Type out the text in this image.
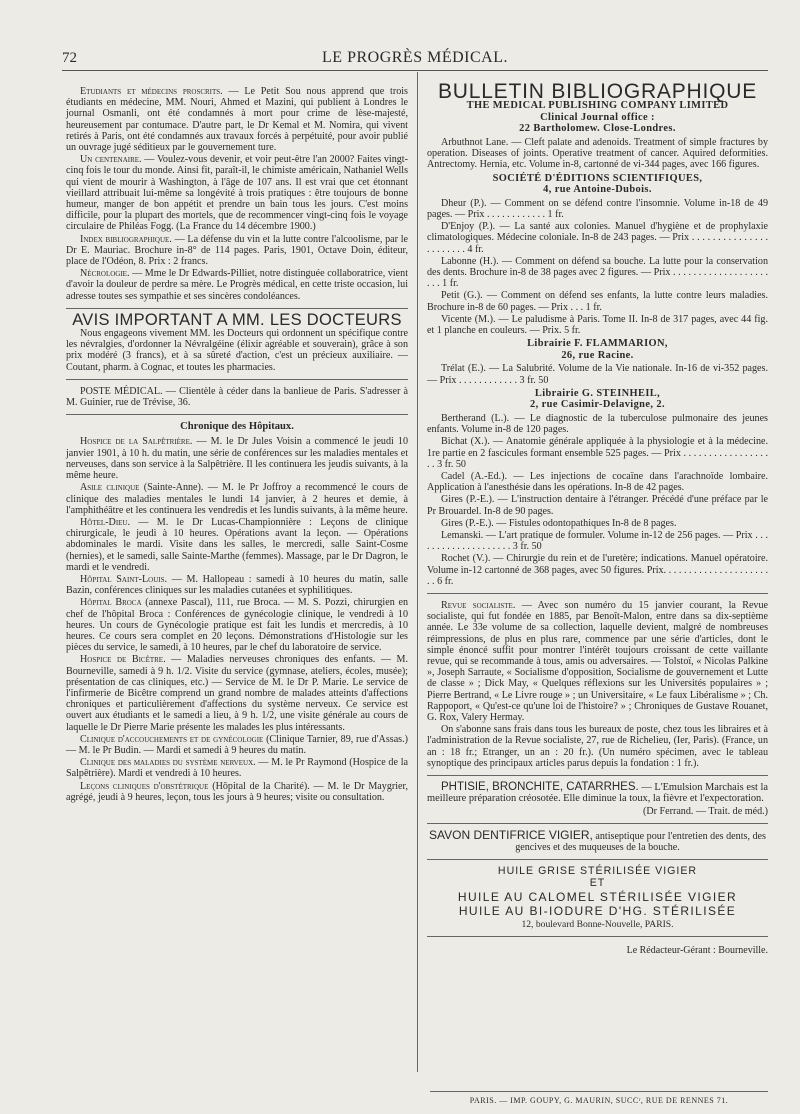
72	LE PROGRÈS MÉDICAL.

Etudiants et médecins proscrits. — Le Petit Sou nous apprend que trois étudiants en médecine, MM. Nouri, Ahmed et Mazini, qui publient à Londres le journal Osmanli, ont été condamnés à mort pour crime de lèse-majesté, heureusement par contumace. D'autre part, le Dr Kemal et M. Nomira, qui vivent retirés à Paris, ont été condamnés aux travaux forcés à perpétuité, pour avoir publié un ouvrage jugé séditieux par le gouvernement ture.

Un centenaire. — Voulez-vous devenir, et voir peut-être l'an 2000? Faites vingt-cinq fois le tour du monde. Ainsi fit, paraît-il, le chimiste américain, Nathaniel Wells qui vient de mourir à Washington, à l'âge de 107 ans. Il est vrai que cet étonnant vieillard attribuait lui-même sa longévité à trois pratiques : être toujours de bonne humeur, manger de bon appétit et prendre un bain tous les jours. C'est moins difficile, pour la plupart des mortels, que de recommencer vingt-cinq fois le voyage circulaire de Philéas Fogg. (La France du 14 décembre 1900.)

Index bibliographique. — La défense du vin et la lutte contre l'alcoolisme, par le Dr E. Mauriac. Brochure in-8° de 114 pages. Paris, 1901, Octave Doin, éditeur, place de l'Odéon, 8. Prix : 2 francs.

Nécrologie. — Mme le Dr Edwards-Pilliet, notre distinguée collaboratrice, vient d'avoir la douleur de perdre sa mère. Le Progrès médical, en cette triste occasion, lui adresse toutes ses sympathie et ses sincères condoléances.

AVIS IMPORTANT A MM. LES DOCTEURS

Nous engageons vivement MM. les Docteurs qui ordonnent un spécifique contre les névralgies, d'ordonner la Névralgéine (élixir agréable et souverain), grâce à son prix modéré (3 francs), et à sa sûreté d'action, c'est un précieux auxiliaire. — Coutant, pharm. à Cognac, et toutes les pharmacies.

POSTE MÉDICAL. — Clientèle à céder dans la banlieue de Paris. S'adresser à M. Guinier, rue de Trévise, 36.

Chronique des Hôpitaux.

Hospice de la Salpêtrière. — M. le Dr Jules Voisin a commencé le jeudi 10 janvier 1901, à 10 h. du matin, une série de conférences sur les maladies mentales et nerveuses, dans son service à la Salpêtrière. Il les continuera les jeudis suivants, à la même heure.

Asile clinique (Sainte-Anne). — M. le Pr Joffroy a recommencé le cours de clinique des maladies mentales le lundi 14 janvier, à 2 heures et demie, à l'amphithéâtre et les continuera les vendredis et les lundis suivants, à la même heure.

Hôtel-Dieu. — M. le Dr Lucas-Championnière : Leçons de clinique chirurgicale, le jeudi à 10 heures. Opérations avant la leçon. — Opérations abdominales le mardi. Visite dans les salles, le mercredi, salle Saint-Cosme (hernies), et le samedi, salle Sainte-Marthe (femmes). Massage, par le Dr Dagron, le mardi et le vendredi.

Hôpital Saint-Louis. — M. Hallopeau : samedi à 10 heures du matin, salle Bazin, conférences cliniques sur les maladies cutanées et syphilitiques.

Hôpital Broca (annexe Pascal), 111, rue Broca. — M. S. Pozzi, chirurgien en chef de l'hôpital Broca : Conférences de gynécologie clinique, le vendredi à 10 heures. Un cours de Gynécologie pratique est fait les lundis et mercredis, à 10 heures. Ce cours sera complet en 20 leçons. Démonstrations d'Histologie sur les pièces du service, le samedi, à 10 heures, par le chef du laboratoire de service.

Hospice de Bicêtre. — Maladies nerveuses chroniques des enfants. — M. Bourneville, samedi à 9 h. 1/2. Visite du service (gymnase, ateliers, écoles, musée); présentation de cas cliniques, etc.) — Service de M. le Dr P. Marie. Le service de l'infirmerie de Bicêtre comprend un grand nombre de malades atteints d'affections chroniques et particulièrement d'affections du système nerveux. Ce service est ouvert aux étudiants et le samedi a lieu, à 9 h. 1/2, une visite générale au cours de laquelle le Dr Pierre Marie présente les malades les plus intéressants.

Clinique d'accouchements et de gynécologie (Clinique Tarnier, 89, rue d'Assas.) — M. le Pr Budin. — Mardi et samedi à 9 heures du matin.

Clinique des maladies du système nerveux. — M. le Pr Raymond (Hospice de la Salpêtrière). Mardi et vendredi à 10 heures.

Leçons cliniques d'obstétrique (Hôpital de la Charité). — M. le Dr Maygrier, agrégé, jeudi à 9 heures, leçon, tous les jours à 9 heures; visite ou consultation.

BULLETIN BIBLIOGRAPHIQUE

THE MEDICAL PUBLISHING COMPANY LIMITED
Clinical Journal office :
22 Bartholomew. Close-Londres.

Arbuthnot Lane. — Cleft palate and adenoids. Treatment of simple fractures by operation. Diseases of joints. Operative treatment of cancer. Aquired deformities. Antrectomy. Hernia, etc. Volume in-8, cartonné de vi-344 pages, avec 166 figures.

SOCIÉTÉ D'ÉDITIONS SCIENTIFIQUES,
4, rue Antoine-Dubois.

Dheur (P.). — Comment on se défend contre l'insomnie. Volume in-18 de 49 pages. — Prix . . . . . . . . . . . . 1 fr.

D'Enjoy (P.). — La santé aux colonies. Manuel d'hygiène et de prophylaxie climatologiques. Médecine coloniale. In-8 de 243 pages. — Prix . . . . . . . . . . . . . . . . . . . . . . . 4 fr.

Labonne (H.). — Comment on défend sa bouche. La lutte pour la conservation des dents. Brochure in-8 de 38 pages avec 2 figures. — Prix . . . . . . . . . . . . . . . . . . . . . . 1 fr.

Petit (G.). — Comment on défend ses enfants, la lutte contre leurs maladies. Brochure in-8 de 60 pages. — Prix . . . 1 fr.

Vicente (M.). — Le paludisme à Paris. Tome II. In-8 de 317 pages, avec 44 fig. et 1 planche en couleurs. — Prix. 5 fr.

Librairie F. FLAMMARION,
26, rue Racine.

Trélat (E.). — La Salubrité. Volume de la Vie nationale. In-16 de vi-352 pages. — Prix . . . . . . . . . . . . 3 fr. 50

Librairie G. STEINHEIL,
2, rue Casimir-Delavigne, 2.

Bertherand (L.). — Le diagnostic de la tuberculose pulmonaire des jeunes enfants. Volume in-8 de 120 pages.

Bichat (X.). — Anatomie générale appliquée à la physiologie et à la médecine. 1re partie en 2 fascicules formant ensemble 525 pages. — Prix . . . . . . . . . . . . . . . . . . . 3 fr. 50

Cadel (A.-Ed.). — Les injections de cocaïne dans l'arachnoïde lombaire. Application à l'anesthésie dans les opérations. In-8 de 42 pages.

Gires (P.-E.). — L'instruction dentaire à l'étranger. Précédé d'une préface par le Pr Brouardel. In-8 de 90 pages.

Gires (P.-E.). — Fistules odontopathiques In-8 de 8 pages.

Lemanski. — L'art pratique de formuler. Volume in-12 de 256 pages. — Prix . . . . . . . . . . . . . . . . . . . . 3 fr. 50

Rochet (V.). — Chirurgie du rein et de l'uretère; indications. Manuel opératoire. Volume in-12 cartonné de 368 pages, avec 50 figures. Prix. . . . . . . . . . . . . . . . . . . . . . . 6 fr.

Revue socialiste. — Avec son numéro du 15 janvier courant, la Revue socialiste, qui fut fondée en 1885, par Benoît-Malon, entre dans sa dix-septième année. Le 33e volume de sa collection, laquelle devient, malgré de nombreuses réimpressions, de plus en plus rare, commence par une série d'articles, dont le simple énoncé suffit pour montrer l'intérêt toujours croissant de cette vaillante revue, qui se recommande à tous, amis ou adversaires. — Tolstoï, « Nicolas Palkine », Joseph Sarraute, « Socialisme d'opposition, Socialisme de gouvernement et Lutte de classe » ; Dick May, « Quelques réflexions sur les Universités populaires » ; Pierre Bertrand, « Le Livre rouge » ; un Universitaire, « Le faux Libéralisme » ; Ch. Rappoport, « Qu'est-ce qu'une loi de l'histoire? » ; Chroniques de Gustave Rouanet, G. Rox, Valery Hermay.

On s'abonne sans frais dans tous les bureaux de poste, chez tous les libraires et à l'administration de la Revue socialiste, 27, rue de Richelieu, (Ier, Paris). (France, un an : 18 fr.; Etranger, un an : 20 fr.). (Un numéro spécimen, avec le tableau synoptique des principaux articles parus depuis la fondation : 1 fr.).

PHTISIE, BRONCHITE, CATARRHES. — L'Emulsion Marchais est la meilleure préparation créosotée. Elle diminue la toux, la fièvre et l'expectoration.

(Dr Ferrand. — Trait. de méd.)

SAVON DENTIFRICE VIGIER, antiseptique pour l'entretien des dents, des gencives et des muqueuses de la bouche.

HUILE GRISE STÉRILISÉE VIGIER

ET

HUILE AU CALOMEL STÉRILISÉE VIGIER

HUILE AU BI-IODURE D'HG. STÉRILISÉE

12, boulevard Bonne-Nouvelle, PARIS.

Le Rédacteur-Gérant : Bourneville.

PARIS. — IMP. GOUPY, G. MAURIN, SUCCʳ, RUE DE RENNES 71.
